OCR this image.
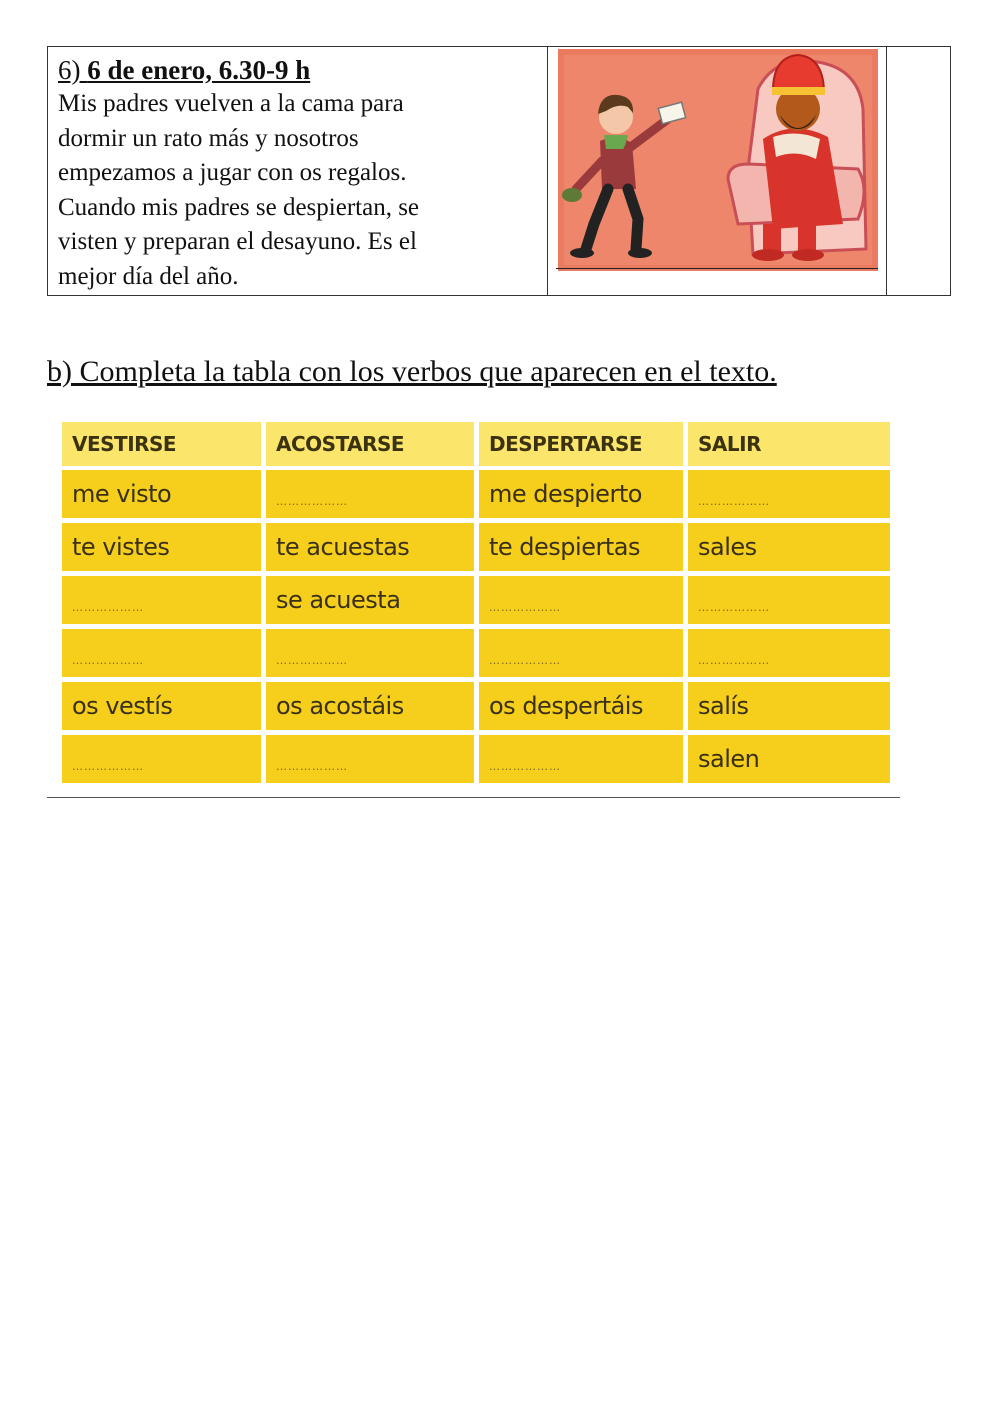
6) 6 de enero, 6.30-9 h

Mis padres vuelven a la cama para
dormir un rato más y nosotros
empezamos a jugar con os regalos.
Cuando mis padres se despiertan, se
visten y preparan el desayuno. Es el
mejor día del año.

b) Completa la tabla con los verbos que aparecen en el texto.

VESTIRSE	ACOSTARSE	DESPERTARSE	SALIR
me visto	………………	me despierto	………………
te vistes	te acuestas	te despiertas	sales
………………	se acuesta	………………	………………
………………	………………	………………	………………
os vestís	os acostáis	os despertáis	salís
………………	………………	………………	salen
